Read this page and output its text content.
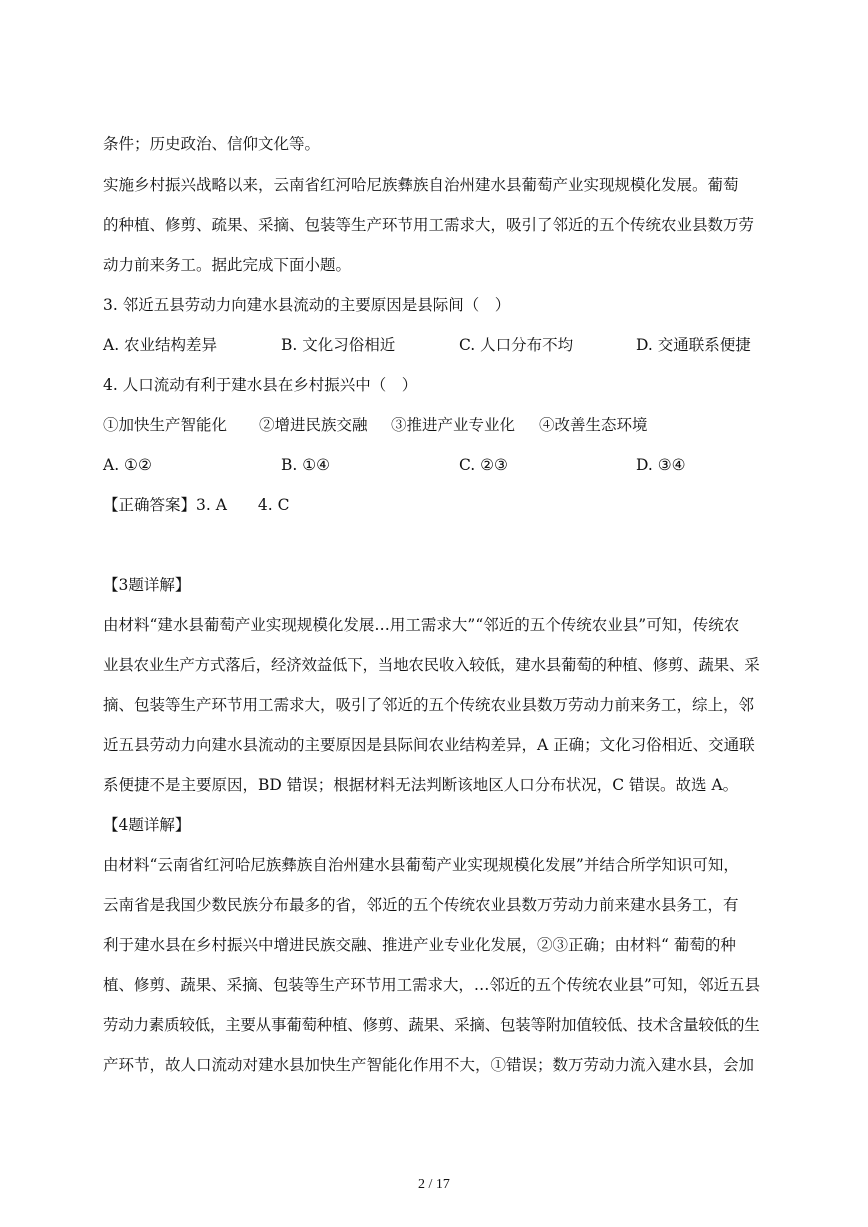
条件；历史政治、信仰文化等。
实施乡村振兴战略以来，云南省红河哈尼族彝族自治州建水县葡萄产业实现规模化发展。葡萄
的种植、修剪、疏果、采摘、包装等生产环节用工需求大，吸引了邻近的五个传统农业县数万劳
动力前来务工。据此完成下面小题。
3. 邻近五县劳动力向建水县流动的主要原因是县际间（　）
A. 农业结构差异	B. 文化习俗相近	C. 人口分布不均	D. 交通联系便捷
4. 人口流动有利于建水县在乡村振兴中（　）
①加快生产智能化 ②增进民族交融 ③推进产业专业化 ④改善生态环境
A. ①②	B. ①④	C. ②③	D. ③④
【正确答案】3. A　　4. C
【3题详解】
由材料“建水县葡萄产业实现规模化发展…用工需求大”“邻近的五个传统农业县”可知，传统农
业县农业生产方式落后，经济效益低下，当地农民收入较低，建水县葡萄的种植、修剪、蔬果、采
摘、包装等生产环节用工需求大，吸引了邻近的五个传统农业县数万劳动力前来务工，综上，邻
近五县劳动力向建水县流动的主要原因是县际间农业结构差异，A 正确；文化习俗相近、交通联
系便捷不是主要原因，BD 错误；根据材料无法判断该地区人口分布状况，C 错误。故选 A。
【4题详解】
由材料“云南省红河哈尼族彝族自治州建水县葡萄产业实现规模化发展”并结合所学知识可知，
云南省是我国少数民族分布最多的省，邻近的五个传统农业县数万劳动力前来建水县务工，有
利于建水县在乡村振兴中增进民族交融、推进产业专业化发展，②③正确；由材料“ 葡萄的种
植、修剪、蔬果、采摘、包装等生产环节用工需求大，…邻近的五个传统农业县”可知，邻近五县
劳动力素质较低，主要从事葡萄种植、修剪、蔬果、采摘、包装等附加值较低、技术含量较低的生
产环节，故人口流动对建水县加快生产智能化作用不大，①错误；数万劳动力流入建水县，会加
2 / 17
